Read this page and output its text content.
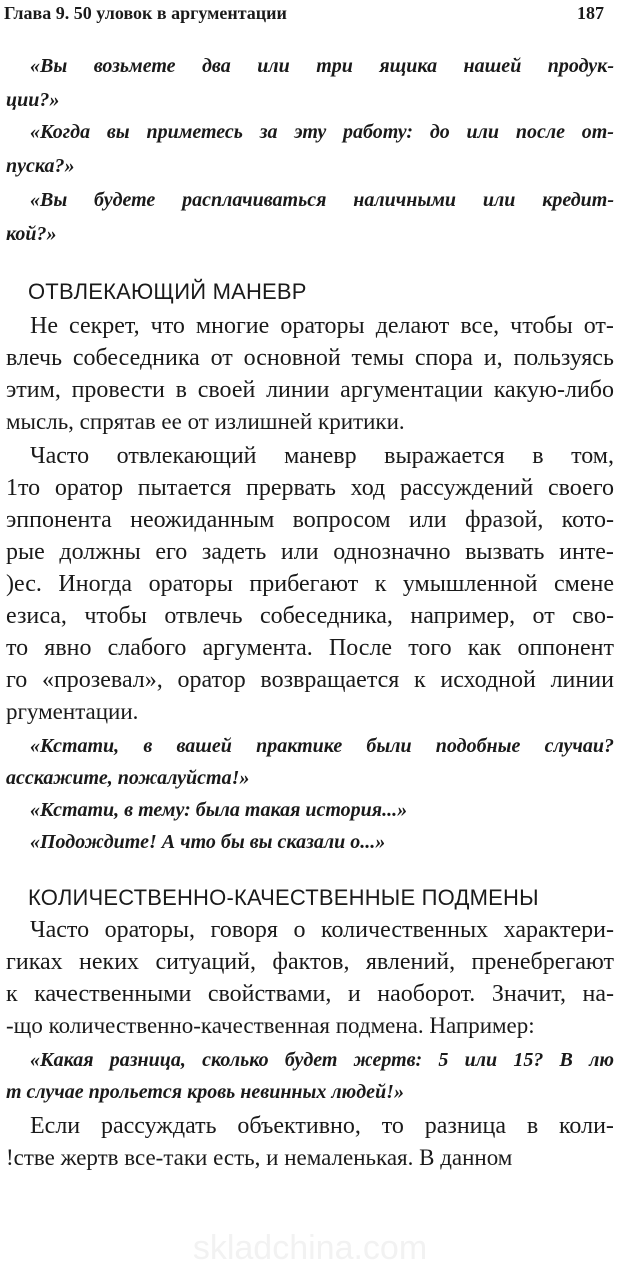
Глава 9. 50 уловок в аргументации	187
«Вы возьмете два или три ящика нашей продук-
ции?»
«Когда вы приметесь за эту работу: до или после от-
пуска?»
«Вы будете расплачиваться наличными или кредит-
кой?»
ОТВЛЕКАЮЩИЙ МАНЕВР
Не секрет, что многие ораторы делают все, чтобы от-
влечь собеседника от основной темы спора и, пользуясь
этим, провести в своей линии аргументации какую-либо
мысль, спрятав ее от излишней критики.
Часто отвлекающий маневр выражается в том,
1то оратор пытается прервать ход рассуждений своего
эппонента неожиданным вопросом или фразой, кото-
рые должны его задеть или однозначно вызвать инте-
)ес. Иногда ораторы прибегают к умышленной смене
езиса, чтобы отвлечь собеседника, например, от сво-
то явно слабого аргумента. После того как оппонент
го «прозевал», оратор возвращается к исходной линии
ргументации.
«Кстати, в вашей практике были подобные случаи?
асскажите, пожалуйста!»
«Кстати, в тему: была такая история...»
«Подождите! А что бы вы сказали о...»
КОЛИЧЕСТВЕННО-КАЧЕСТВЕННЫЕ ПОДМЕНЫ
Часто ораторы, говоря о количественных характери-
гиках неких ситуаций, фактов, явлений, пренебрегают
к качественными свойствами, и наоборот. Значит, на-
-що количественно-качественная подмена. Например:
«Какая разница, сколько будет жертв: 5 или 15? В лю
т случае прольется кровь невинных людей!»
Если рассуждать объективно, то разница в коли-
!стве жертв все-таки есть, и немаленькая. В данном
skladchina.com
